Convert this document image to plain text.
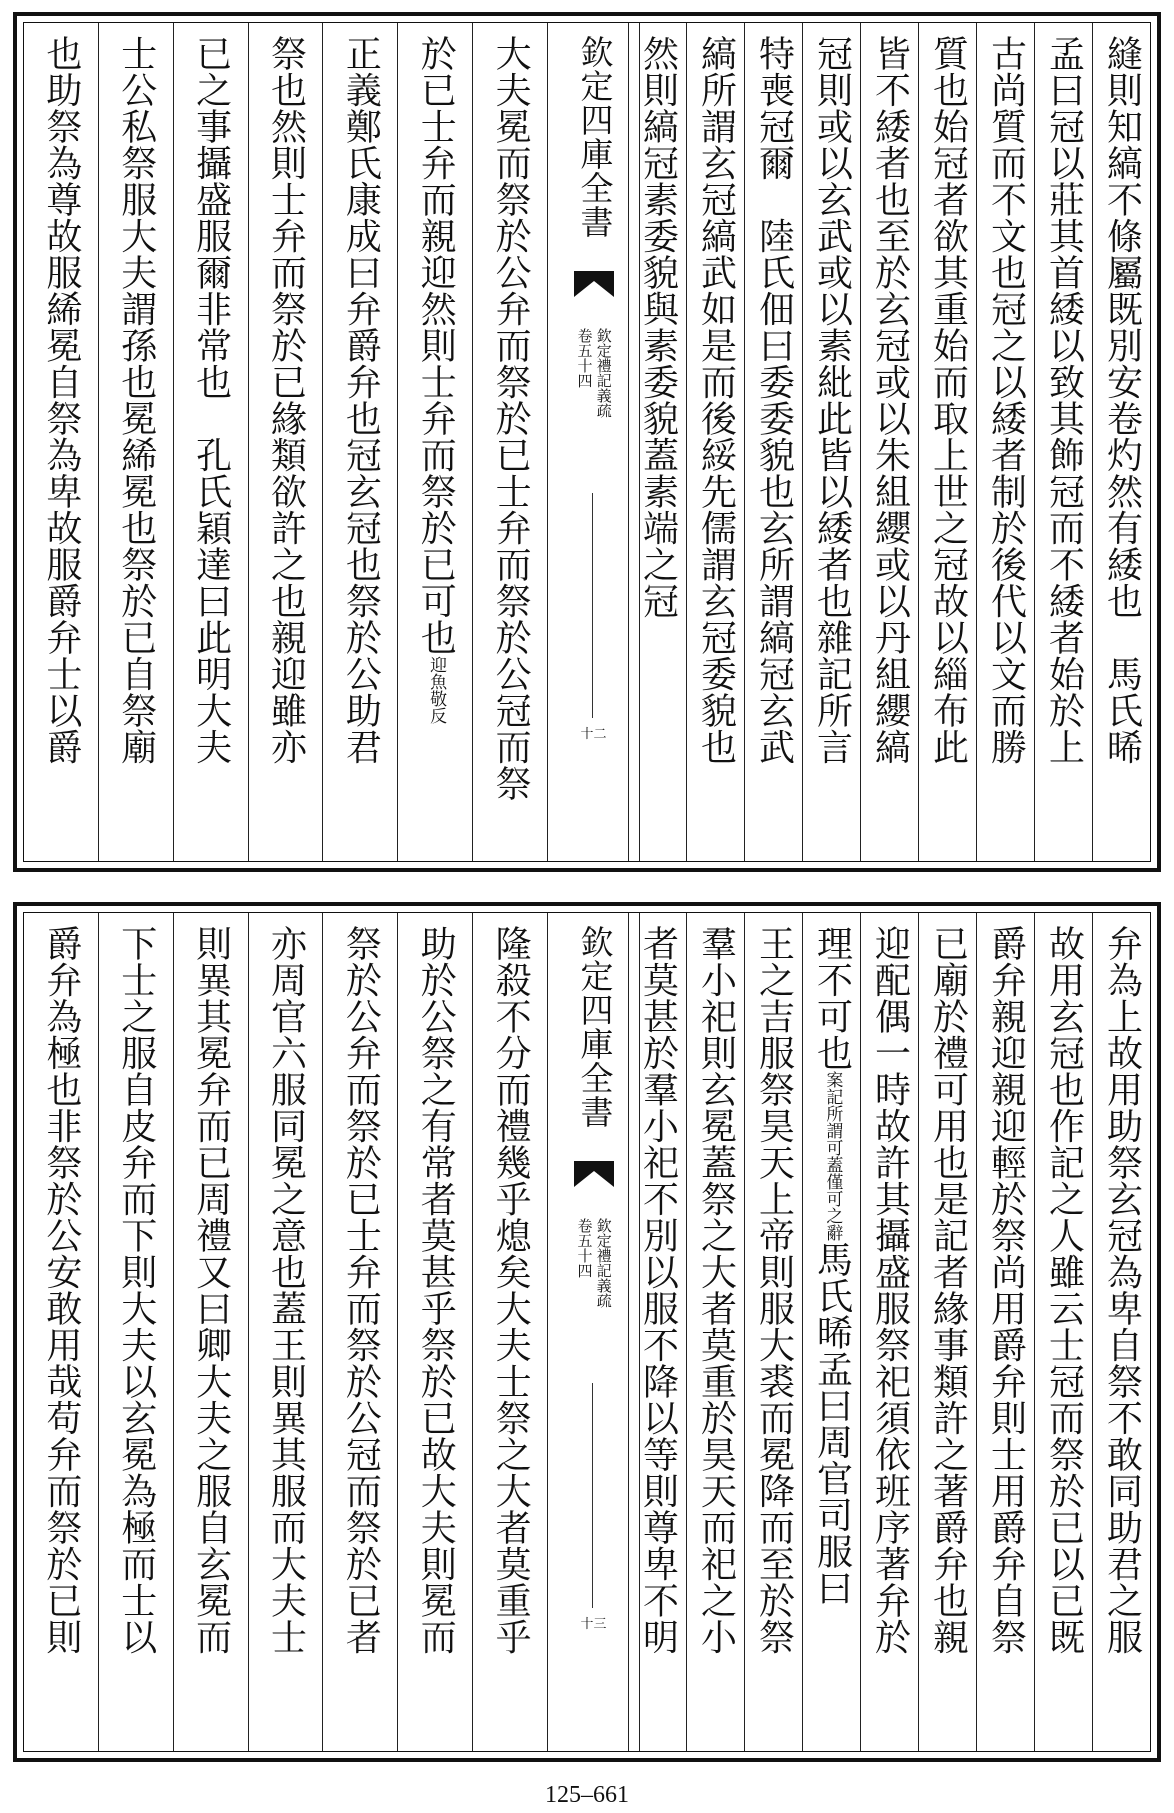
縫則知縞不條屬既別安卷灼然有緌也　馬氏晞
孟曰冠以莊其首緌以致其飾冠而不緌者始於上
古尚質而不文也冠之以緌者制於後代以文而勝
質也始冠者欲其重始而取上世之冠故以緇布此
皆不緌者也至於玄冠或以朱組纓或以丹組纓縞
冠則或以玄武或以素紕此皆以緌者也雜記所言
特喪冠爾　陸氏佃曰委委貌也玄所謂縞冠玄武
縞所謂玄冠縞武如是而後綏先儒謂玄冠委貌也
然則縞冠素委貌與素委貌蓋素端之冠
欽定四庫全書
欽定禮記義疏
卷五十四
十二
大夫冕而祭於公弁而祭於已士弁而祭於公冠而祭
於已士弁而親迎然則士弁而祭於已可也
迎魚
敬反
正義鄭氏康成曰弁爵弁也冠玄冠也祭於公助君
祭也然則士弁而祭於已緣類欲許之也親迎雖亦
已之事攝盛服爾非常也　孔氏穎達曰此明大夫
士公私祭服大夫謂孫也冕絺冕也祭於已自祭廟
也助祭為尊故服絺冕自祭為卑故服爵弁士以爵
弁為上故用助祭玄冠為卑自祭不敢同助君之服
故用玄冠也作記之人雖云士冠而祭於已以已既
爵弁親迎親迎輕於祭尚用爵弁則士用爵弁自祭
已廟於禮可用也是記者緣事類許之著爵弁也親
迎配偶一時故許其攝盛服祭祀須依班序著弁於
理不可也
案記所謂可
蓋僅可之辭
馬氏晞孟曰周官司服曰
王之吉服祭昊天上帝則服大裘而冕降而至於祭
羣小祀則玄冕蓋祭之大者莫重於昊天而祀之小
者莫甚於羣小祀不別以服不降以等則尊卑不明
欽定四庫全書
欽定禮記義疏
卷五十四
十三
隆殺不分而禮幾乎熄矣大夫士祭之大者莫重乎
助於公祭之有常者莫甚乎祭於已故大夫則冕而
祭於公弁而祭於已士弁而祭於公冠而祭於已者
亦周官六服同冕之意也蓋王則異其服而大夫士
則異其冕弁而已周禮又曰卿大夫之服自玄冕而
下士之服自皮弁而下則大夫以玄冕為極而士以
爵弁為極也非祭於公安敢用哉苟弁而祭於已則
125–661
